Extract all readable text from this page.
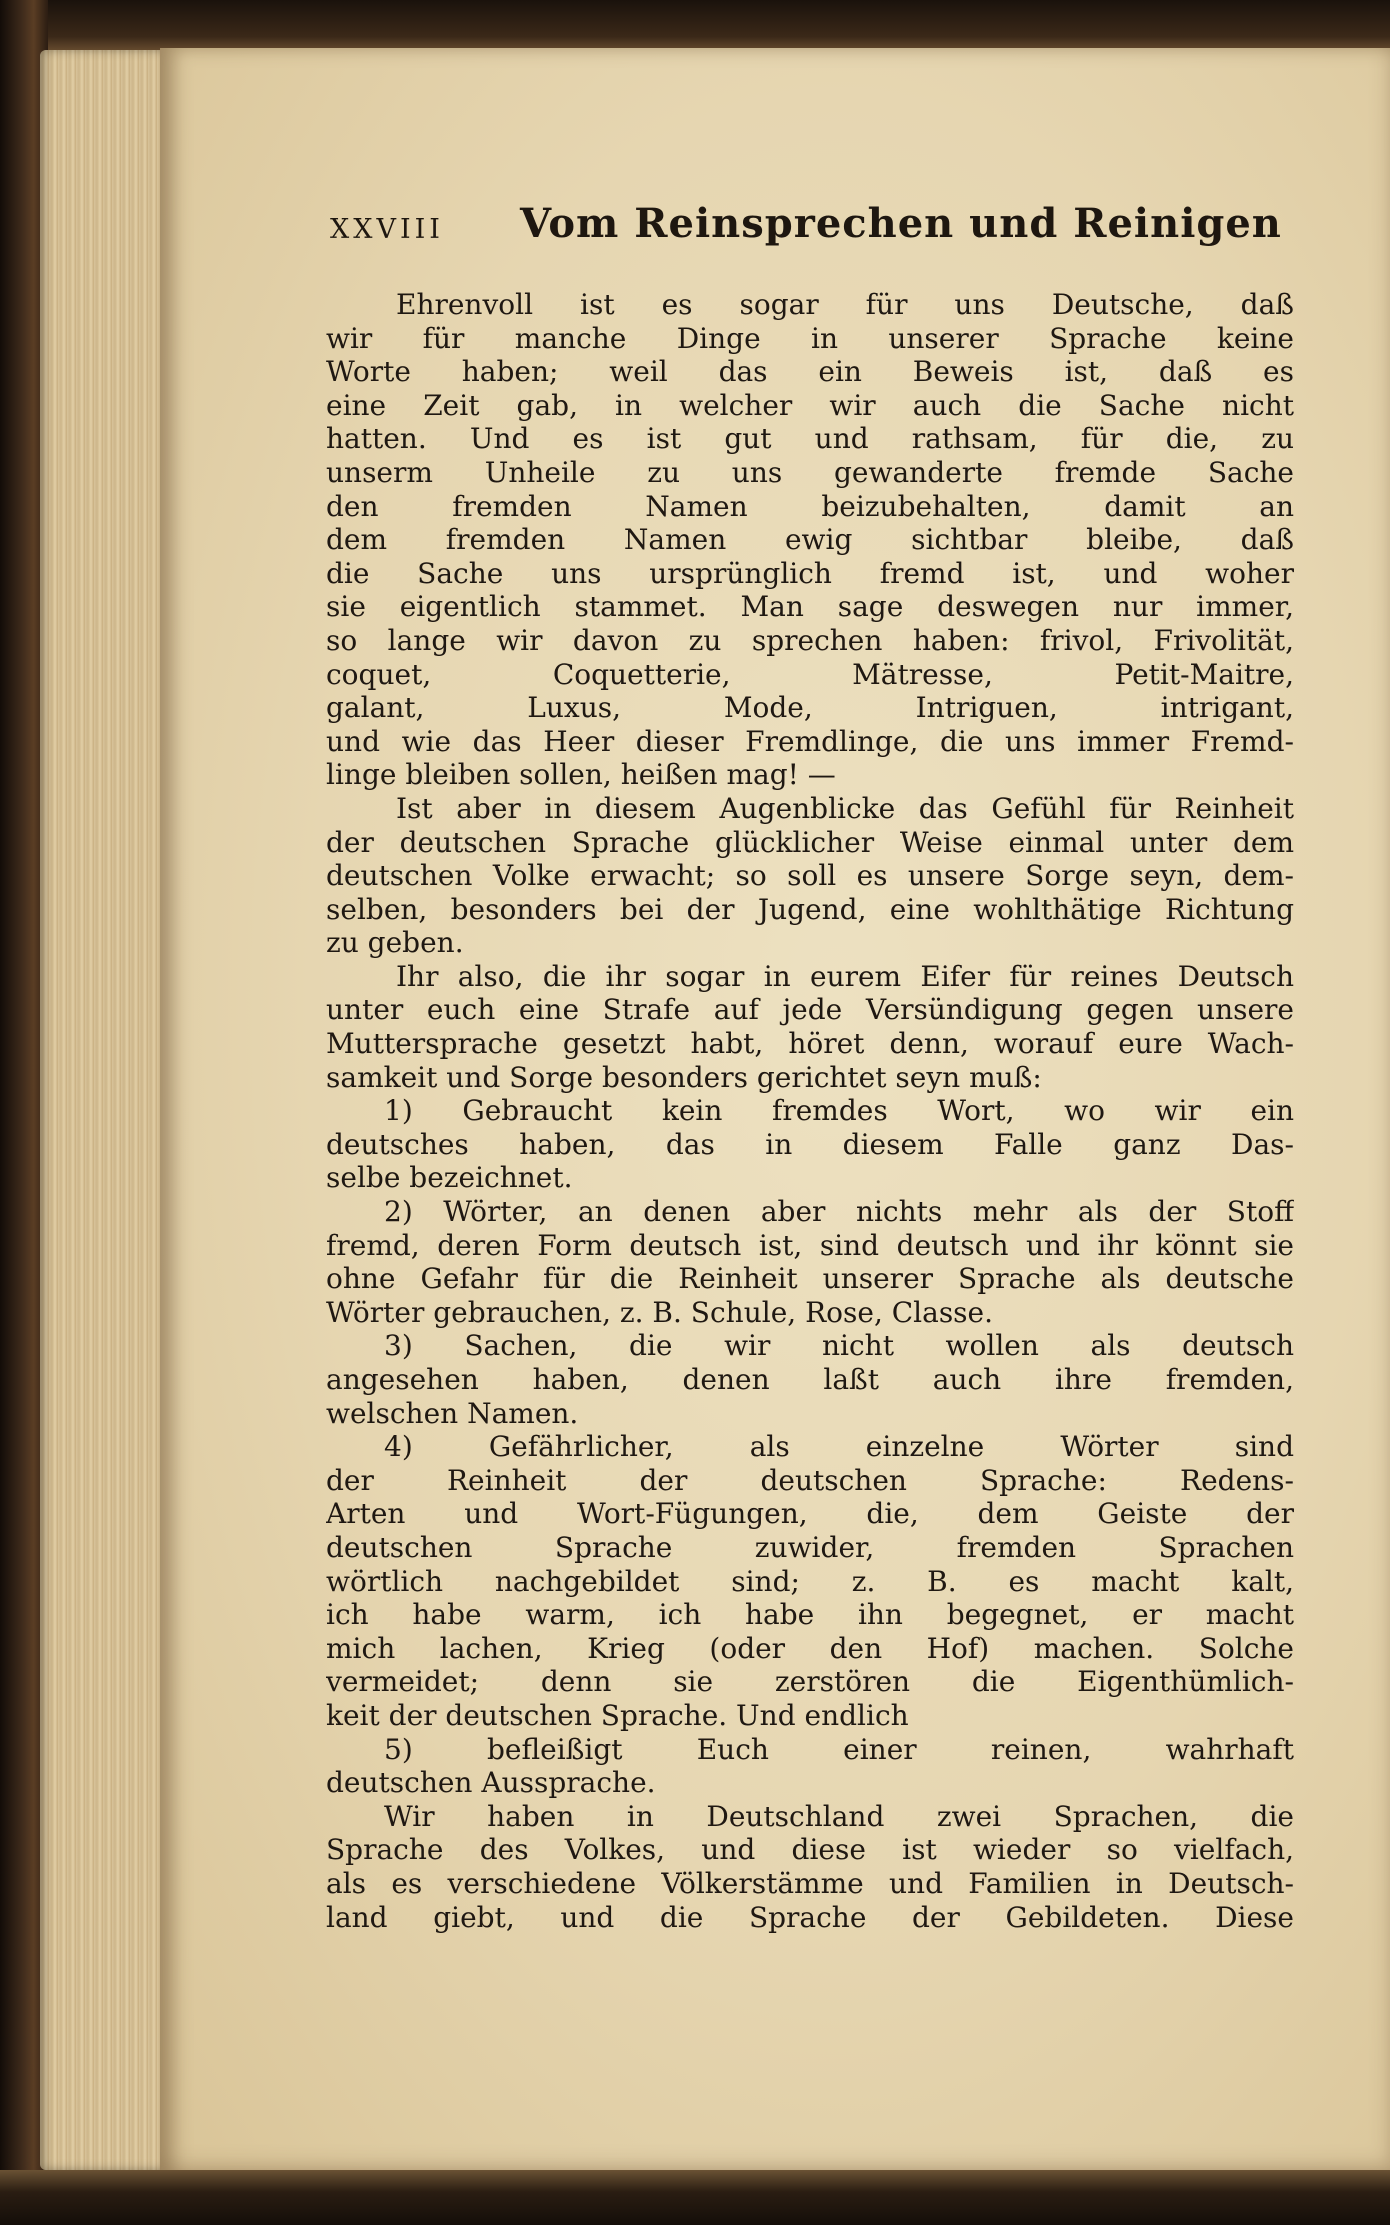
XXVIII Vom Reinsprechen und Reinigen
Ehrenvoll ist es sogar für uns Deutsche, daß
wir für manche Dinge in unserer Sprache keine
Worte haben; weil das ein Beweis ist, daß es
eine Zeit gab, in welcher wir auch die Sache nicht
hatten. Und es ist gut und rathsam, für die, zu
unserm Unheile zu uns gewanderte fremde Sache
den fremden Namen beizubehalten, damit an
dem fremden Namen ewig sichtbar bleibe, daß
die Sache uns ursprünglich fremd ist, und woher
sie eigentlich stammet. Man sage deswegen nur immer,
so lange wir davon zu sprechen haben: frivol, Frivolität,
coquet, Coquetterie, Mätresse, Petit-Maitre,
galant, Luxus, Mode, Intriguen, intrigant,
und wie das Heer dieser Fremdlinge, die uns immer Fremd-
linge bleiben sollen, heißen mag! —
Ist aber in diesem Augenblicke das Gefühl für Reinheit
der deutschen Sprache glücklicher Weise einmal unter dem
deutschen Volke erwacht; so soll es unsere Sorge seyn, dem-
selben, besonders bei der Jugend, eine wohlthätige Richtung
zu geben.
Ihr also, die ihr sogar in eurem Eifer für reines Deutsch
unter euch eine Strafe auf jede Versündigung gegen unsere
Muttersprache gesetzt habt, höret denn, worauf eure Wach-
samkeit und Sorge besonders gerichtet seyn muß:
1) Gebraucht kein fremdes Wort, wo wir ein
deutsches haben, das in diesem Falle ganz Das-
selbe bezeichnet.
2) Wörter, an denen aber nichts mehr als der Stoff
fremd, deren Form deutsch ist, sind deutsch und ihr könnt sie
ohne Gefahr für die Reinheit unserer Sprache als deutsche
Wörter gebrauchen, z. B. Schule, Rose, Classe.
3) Sachen, die wir nicht wollen als deutsch
angesehen haben, denen laßt auch ihre fremden,
welschen Namen.
4) Gefährlicher, als einzelne Wörter sind
der Reinheit der deutschen Sprache: Redens-
Arten und Wort-Fügungen, die, dem Geiste der
deutschen Sprache zuwider, fremden Sprachen
wörtlich nachgebildet sind; z. B. es macht kalt,
ich habe warm, ich habe ihn begegnet, er macht
mich lachen, Krieg (oder den Hof) machen. Solche
vermeidet; denn sie zerstören die Eigenthümlich-
keit der deutschen Sprache. Und endlich
5) befleißigt Euch einer reinen, wahrhaft
deutschen Aussprache.
Wir haben in Deutschland zwei Sprachen, die
Sprache des Volkes, und diese ist wieder so vielfach,
als es verschiedene Völkerstämme und Familien in Deutsch-
land giebt, und die Sprache der Gebildeten. Diese
